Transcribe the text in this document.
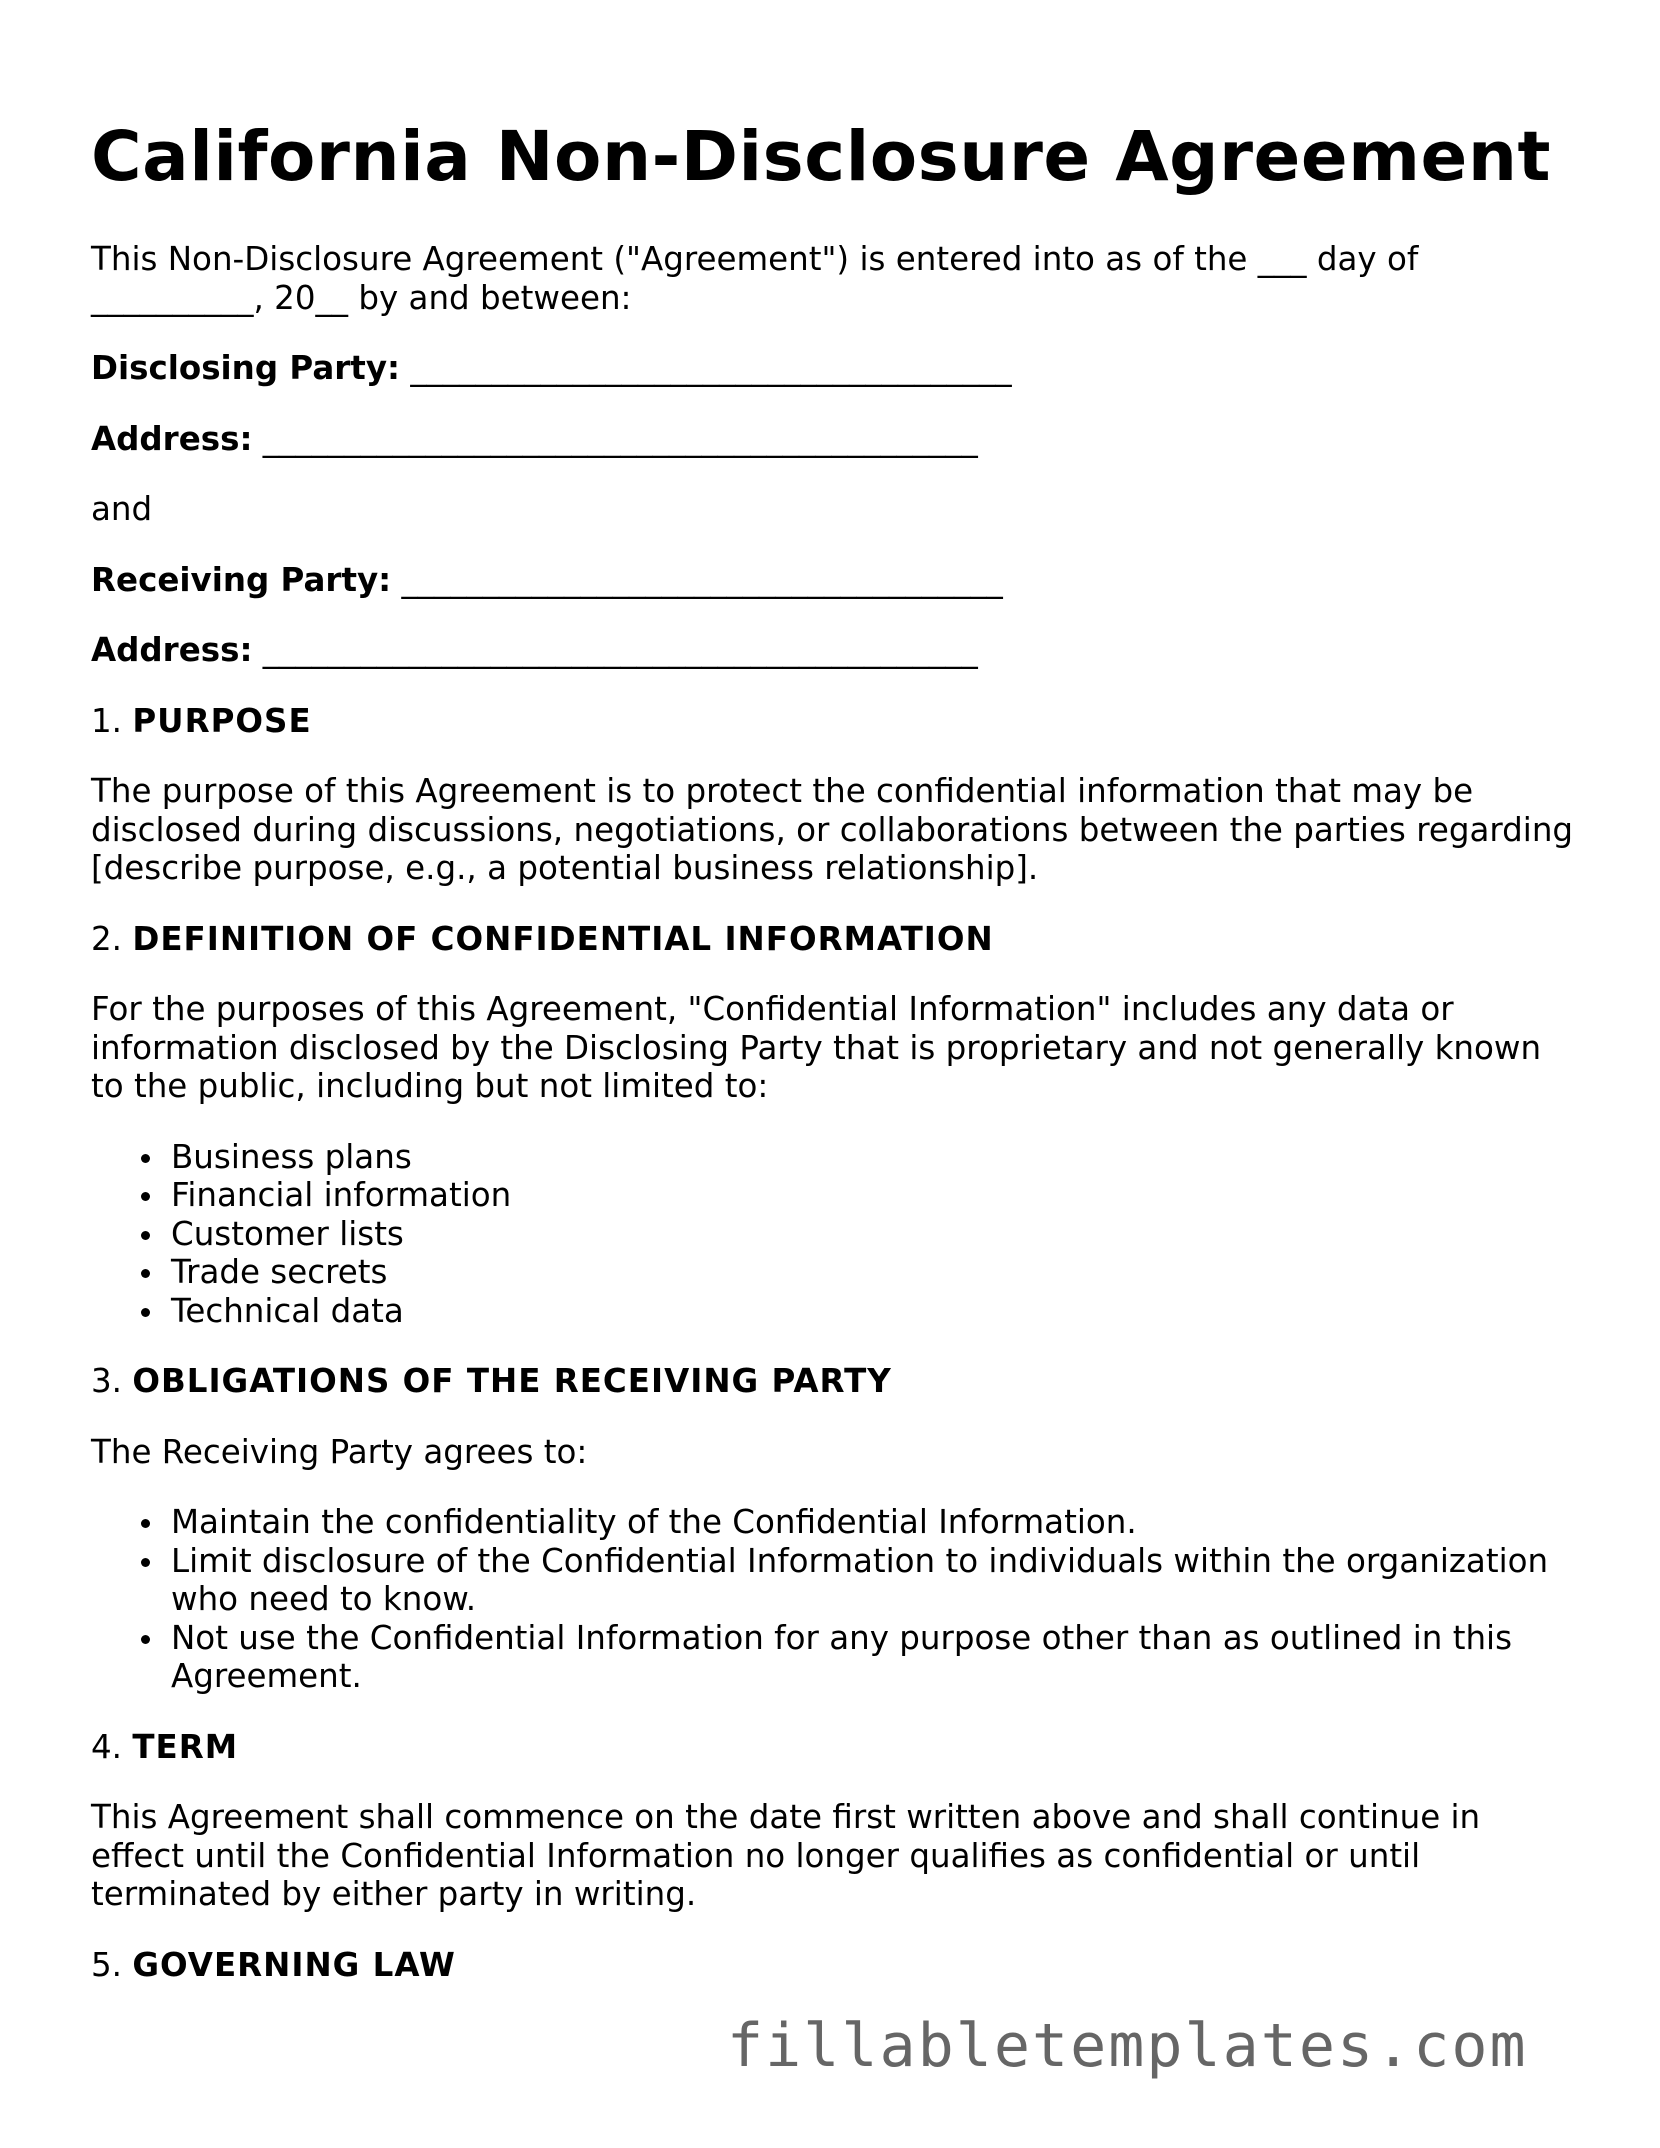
California Non-Disclosure Agreement

This Non-Disclosure Agreement ("Agreement") is entered into as of the ___ day of
__________, 20__ by and between:

Disclosing Party: _____________________________________

Address: ____________________________________________

and

Receiving Party: _____________________________________

Address: ____________________________________________

1. PURPOSE

The purpose of this Agreement is to protect the confidential information that may be
disclosed during discussions, negotiations, or collaborations between the parties regarding
[describe purpose, e.g., a potential business relationship].

2. DEFINITION OF CONFIDENTIAL INFORMATION

For the purposes of this Agreement, "Confidential Information" includes any data or
information disclosed by the Disclosing Party that is proprietary and not generally known
to the public, including but not limited to:

Business plans
Financial information
Customer lists
Trade secrets
Technical data

3. OBLIGATIONS OF THE RECEIVING PARTY

The Receiving Party agrees to:

Maintain the confidentiality of the Confidential Information.
Limit disclosure of the Confidential Information to individuals within the organization
who need to know.
Not use the Confidential Information for any purpose other than as outlined in this
Agreement.

4. TERM

This Agreement shall commence on the date first written above and shall continue in
effect until the Confidential Information no longer qualifies as confidential or until
terminated by either party in writing.

5. GOVERNING LAW

fillabletemplates.com
